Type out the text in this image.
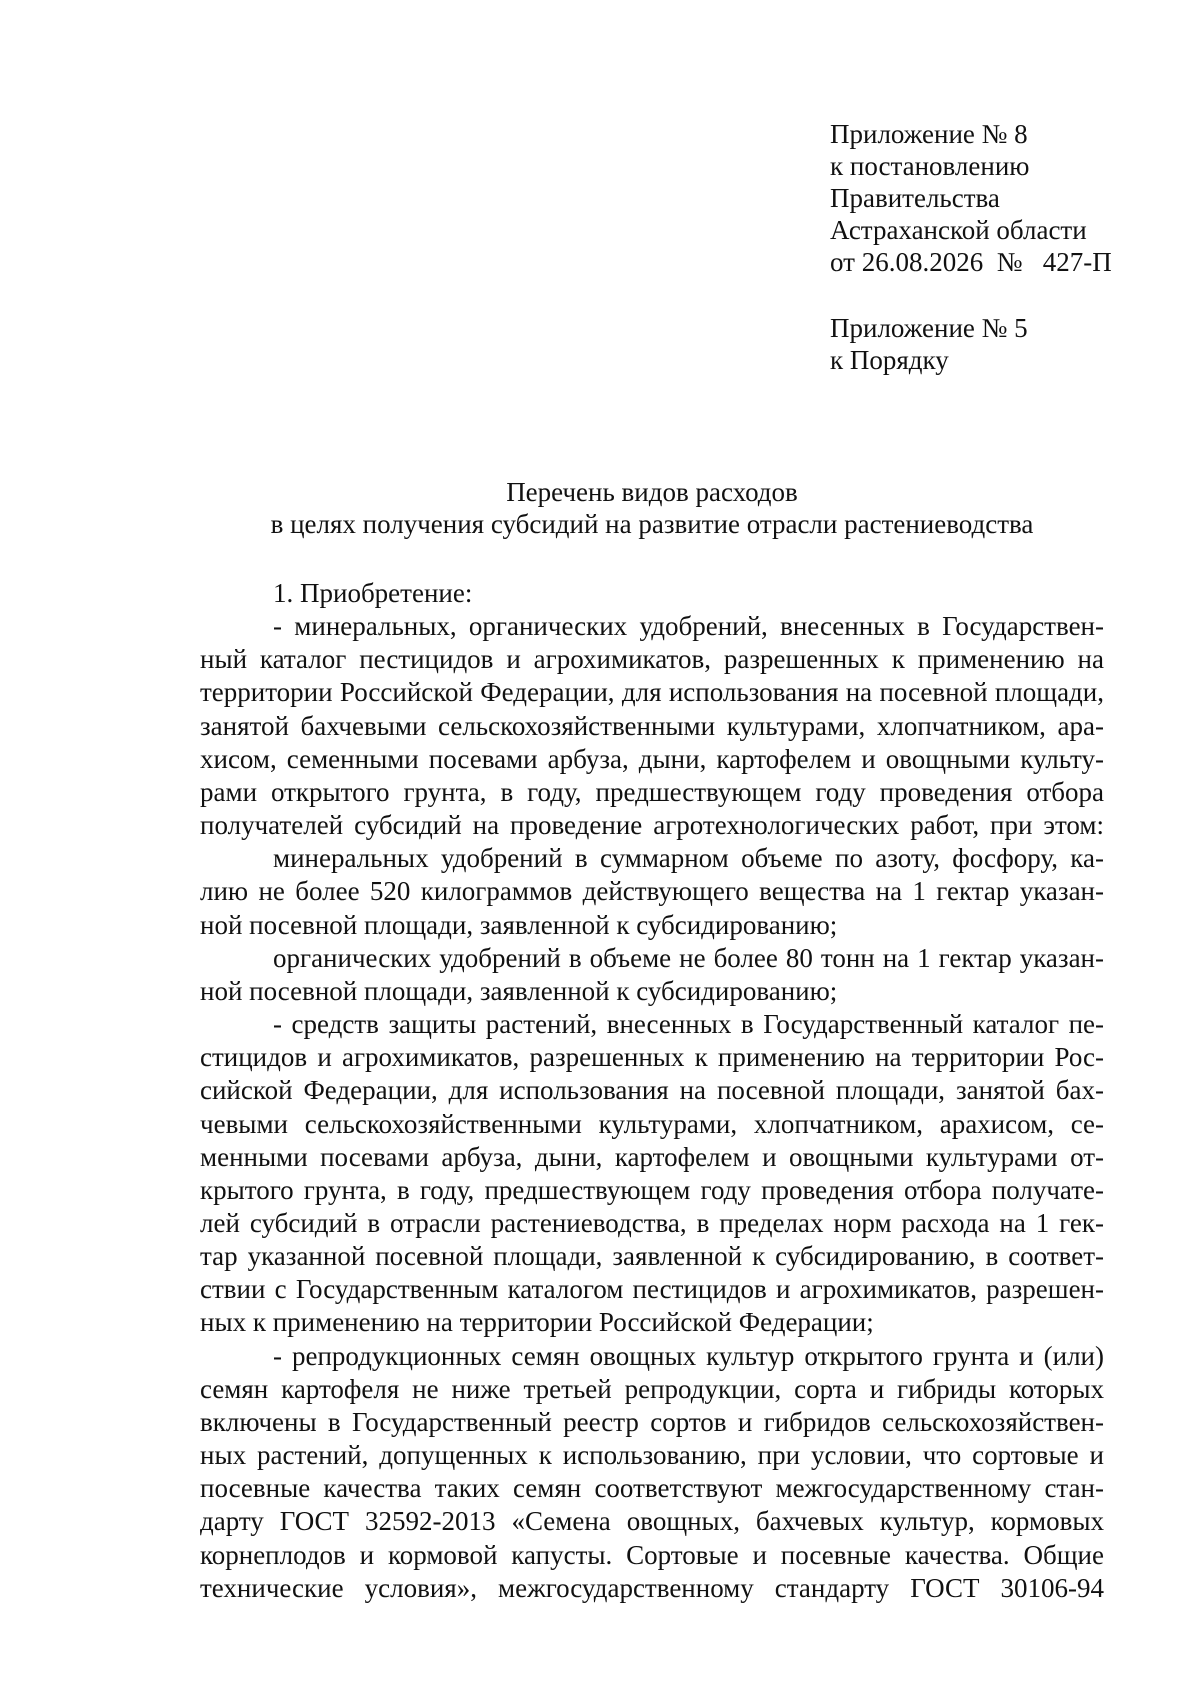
Приложение № 8
к постановлению
Правительства
Астраханской области
от 26.08.2026  №   427-П
Приложение № 5
к Порядку
Перечень видов расходов
в целях получения субсидий на развитие отрасли растениеводства
1. Приобретение:
- минеральных, органических удобрений, внесенных в Государствен-
ный каталог пестицидов и агрохимикатов, разрешенных к применению на
территории Российской Федерации, для использования на посевной площади,
занятой бахчевыми сельскохозяйственными культурами, хлопчатником, ара-
хисом, семенными посевами арбуза, дыни, картофелем и овощными культу-
рами открытого грунта, в году, предшествующем году проведения отбора
получателей субсидий на проведение агротехнологических работ, при этом:
минеральных удобрений в суммарном объеме по азоту, фосфору, ка-
лию не более 520 килограммов действующего вещества на 1 гектар указан-
ной посевной площади, заявленной к субсидированию;
органических удобрений в объеме не более 80 тонн на 1 гектар указан-
ной посевной площади, заявленной к субсидированию;
- средств защиты растений, внесенных в Государственный каталог пе-
стицидов и агрохимикатов, разрешенных к применению на территории Рос-
сийской Федерации, для использования на посевной площади, занятой бах-
чевыми сельскохозяйственными культурами, хлопчатником, арахисом, се-
менными посевами арбуза, дыни, картофелем и овощными культурами от-
крытого грунта, в году, предшествующем году проведения отбора получате-
лей субсидий в отрасли растениеводства, в пределах норм расхода на 1 гек-
тар указанной посевной площади, заявленной к субсидированию, в соответ-
ствии с Государственным каталогом пестицидов и агрохимикатов, разрешен-
ных к применению на территории Российской Федерации;
- репродукционных семян овощных культур открытого грунта и (или)
семян картофеля не ниже третьей репродукции, сорта и гибриды которых
включены в Государственный реестр сортов и гибридов сельскохозяйствен-
ных растений, допущенных к использованию, при условии, что сортовые и
посевные качества таких семян соответствуют межгосударственному стан-
дарту ГОСТ 32592-2013 «Семена овощных, бахчевых культур, кормовых
корнеплодов и кормовой капусты. Сортовые и посевные качества. Общие
технические условия», межгосударственному стандарту ГОСТ 30106-94
